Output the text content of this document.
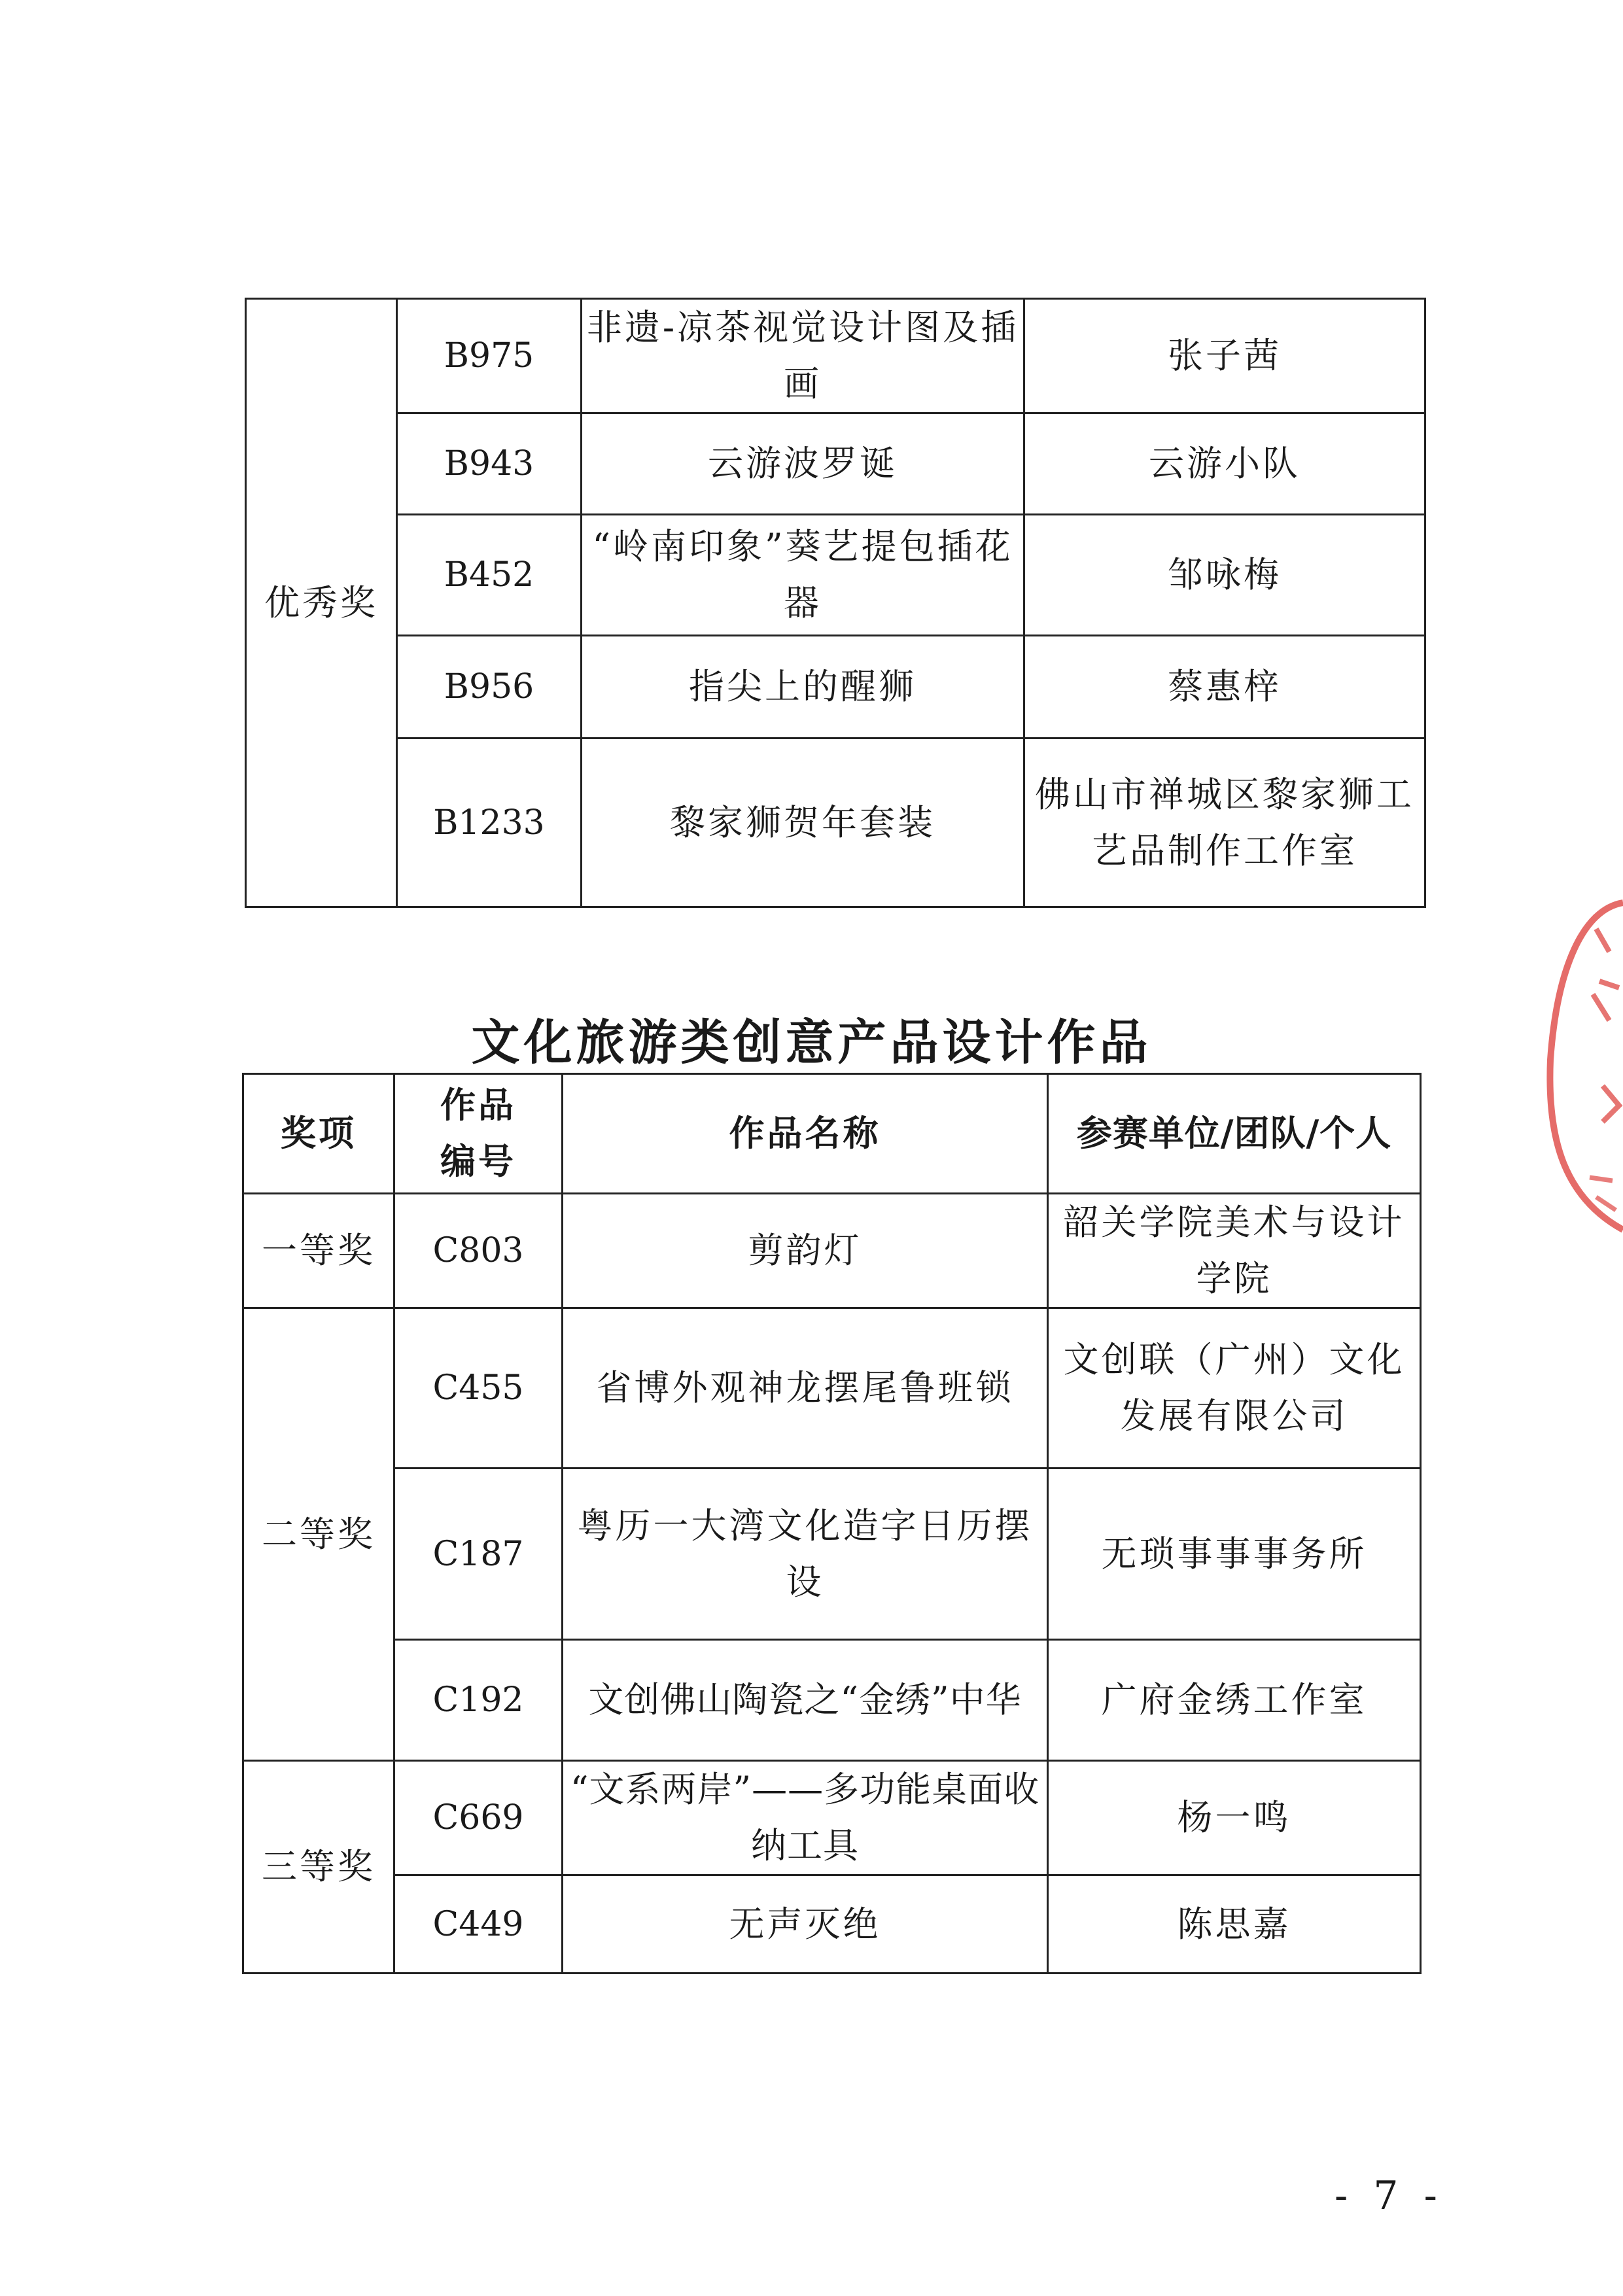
优秀奖	B975	非遗-凉茶视觉设计图及插画	张子茜
	B943	云游波罗诞	云游小队
	B452	“岭南印象”葵艺提包插花器	邹咏梅
	B956	指尖上的醒狮	蔡惠梓
	B1233	黎家狮贺年套装	佛山市禅城区黎家狮工艺品制作工作室
文化旅游类创意产品设计作品
奖项	作品编号	作品名称	参赛单位/团队/个人
一等奖	C803	剪韵灯	韶关学院美术与设计学院
二等奖	C455	省博外观神龙摆尾鲁班锁	文创联（广州）文化发展有限公司
	C187	粤历一大湾文化造字日历摆设	无琐事事事务所
	C192	文创佛山陶瓷之“金绣”中华	广府金绣工作室
三等奖	C669	“文系两岸”——多功能桌面收纳工具	杨一鸣
	C449	无声灭绝	陈思嘉
- 7 -
